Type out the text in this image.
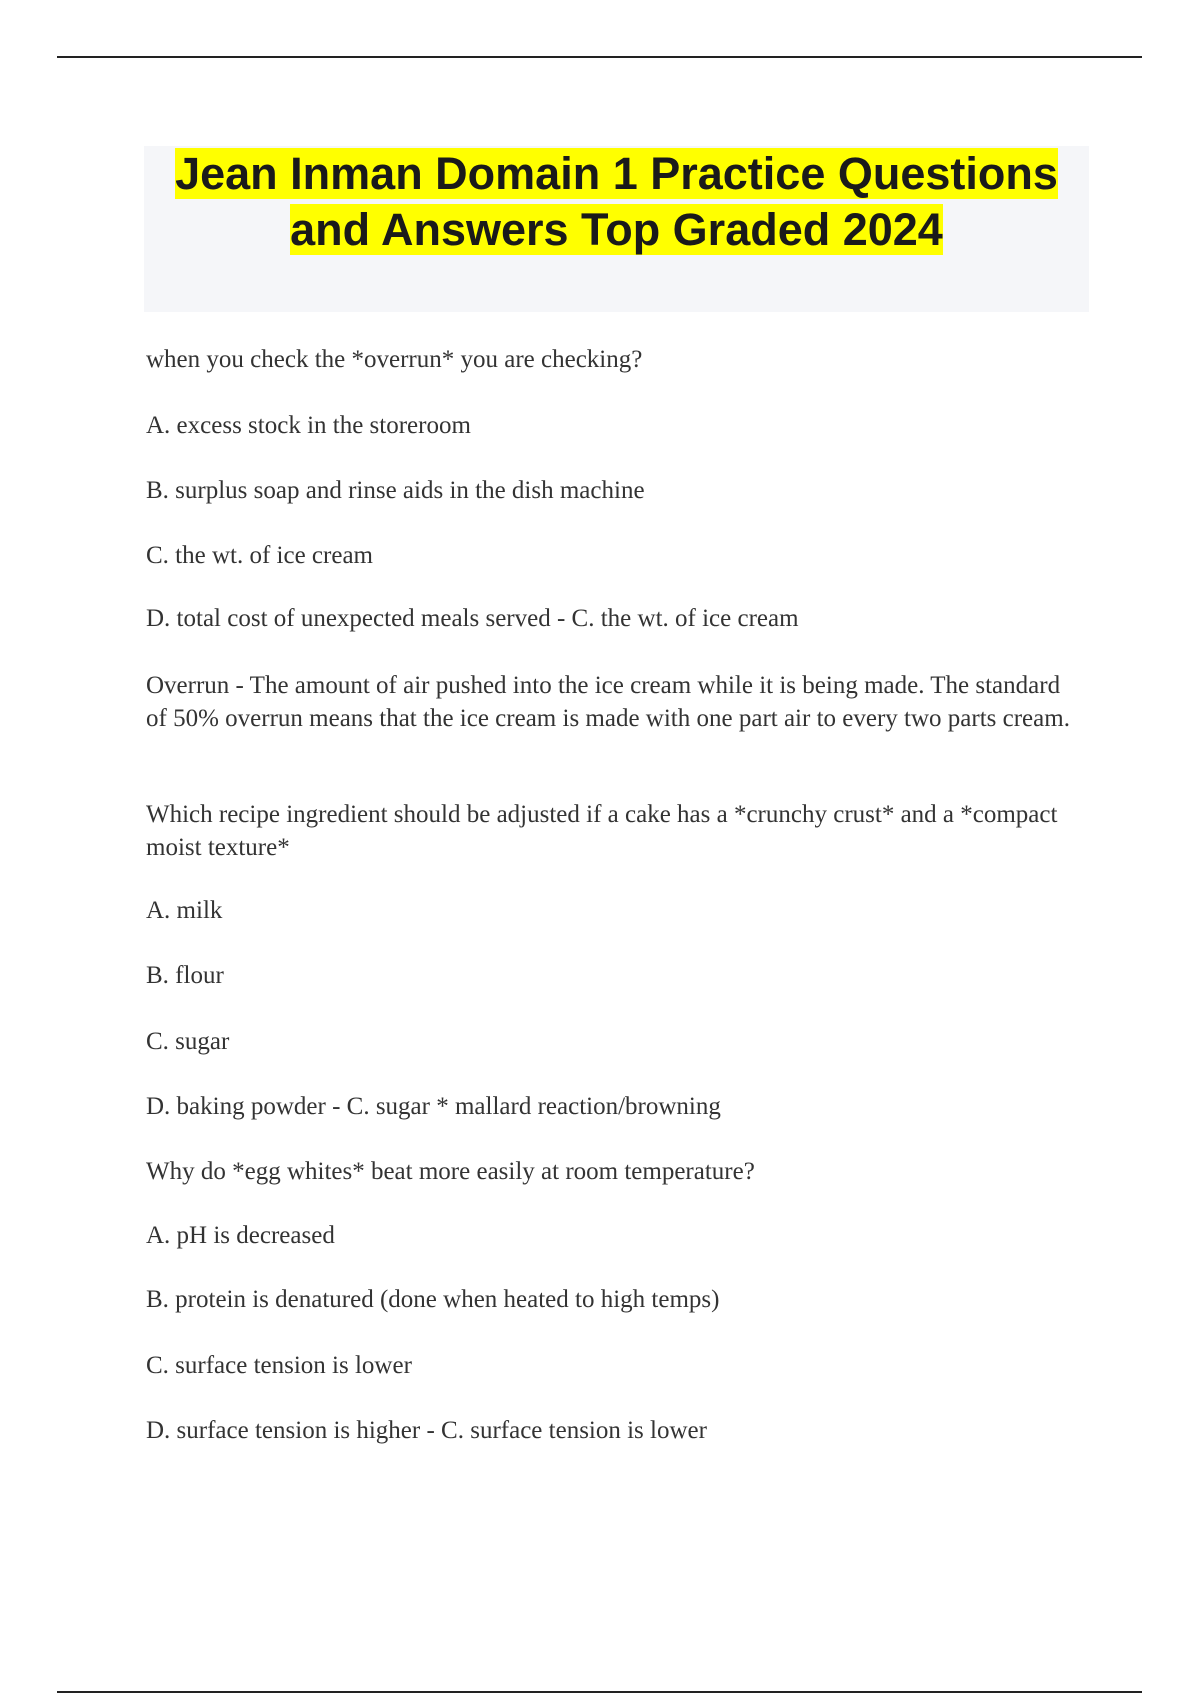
Jean Inman Domain 1 Practice Questions and Answers Top Graded 2024

when you check the *overrun* you are checking?

A. excess stock in the storeroom

B. surplus soap and rinse aids in the dish machine

C. the wt. of ice cream

D. total cost of unexpected meals served - C. the wt. of ice cream

Overrun - The amount of air pushed into the ice cream while it is being made. The standard of 50% overrun means that the ice cream is made with one part air to every two parts cream.

Which recipe ingredient should be adjusted if a cake has a *crunchy crust* and a *compact moist texture*

A. milk

B. flour

C. sugar

D. baking powder - C. sugar * mallard reaction/browning

Why do *egg whites* beat more easily at room temperature?

A. pH is decreased

B. protein is denatured (done when heated to high temps)

C. surface tension is lower

D. surface tension is higher - C. surface tension is lower
